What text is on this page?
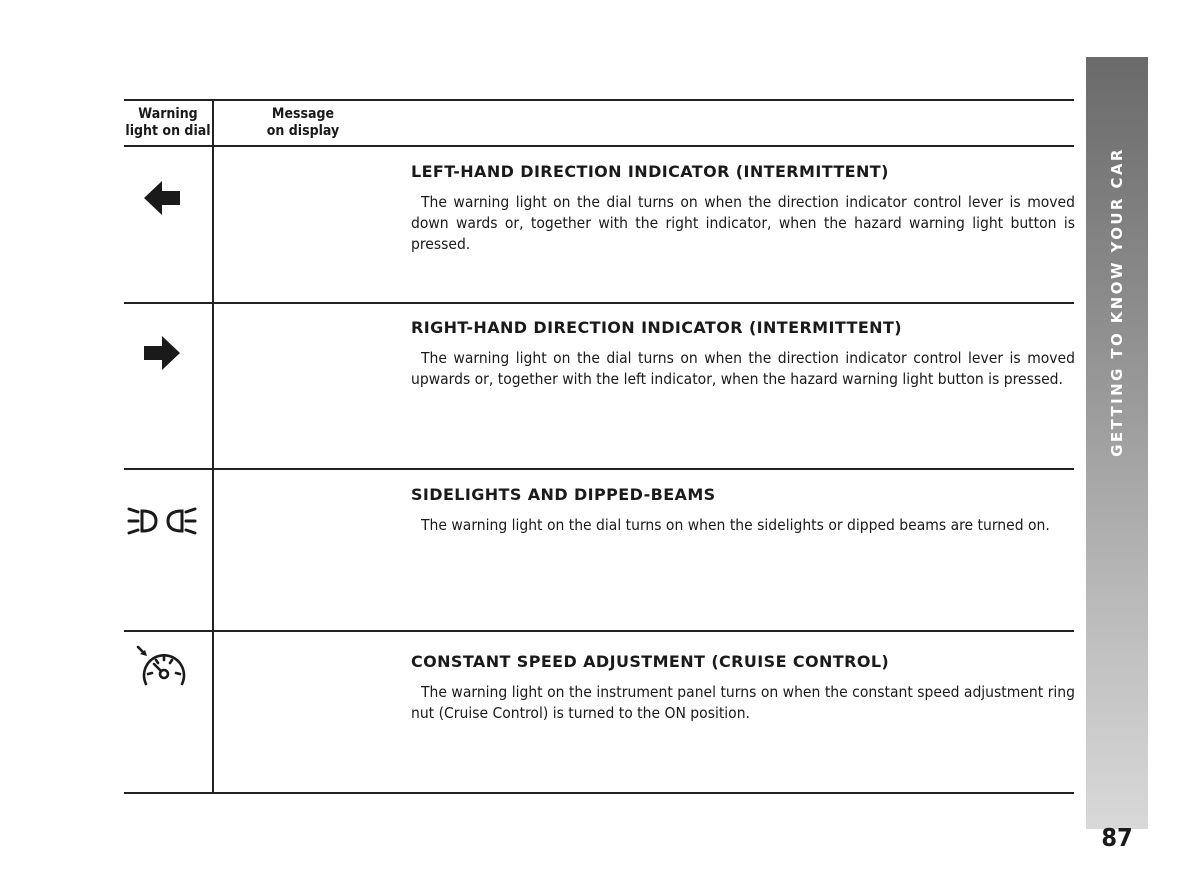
Warning
light on dial
Message
on display
LEFT-HAND DIRECTION INDICATOR (INTERMITTENT)
The warning light on the dial turns on when the direction indicator control lever is moved down wards or, together with the right indicator, when the hazard warning light button is pressed.
RIGHT-HAND DIRECTION INDICATOR (INTERMITTENT)
The warning light on the dial turns on when the direction indicator control lever is moved upwards or, together with the left indicator, when the hazard warning light button is pressed.
SIDELIGHTS AND DIPPED-BEAMS
The warning light on the dial turns on when the sidelights or dipped beams are turned on.
CONSTANT SPEED ADJUSTMENT (CRUISE CONTROL)
The warning light on the instrument panel turns on when the constant speed adjustment ring nut (Cruise Control) is turned to the ON position.
GETTING TO KNOW YOUR CAR
87
